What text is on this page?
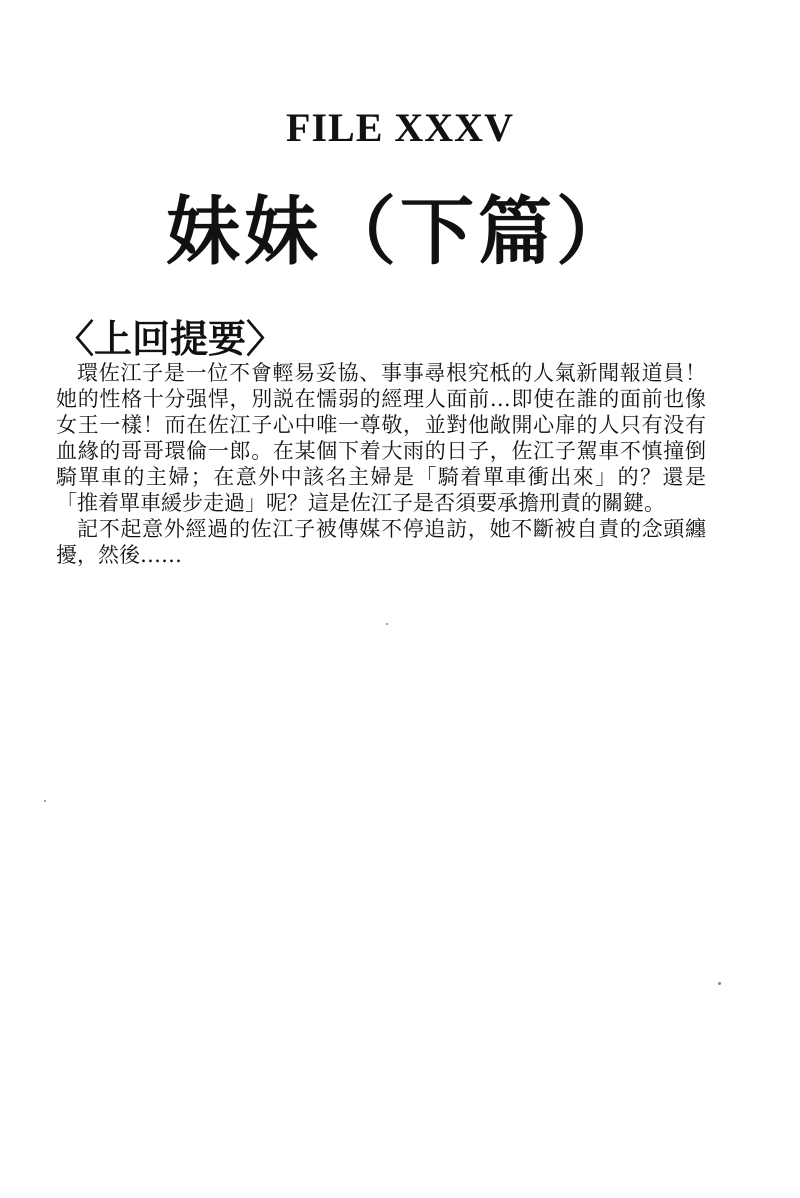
FILE XXXV
妹妹（下篇）
〈上回提要〉

環佐江子是一位不會輕易妥協、事事尋根究柢的人氣新聞報道員！她的性格十分强悍，別説在懦弱的經理人面前…即使在誰的面前也像女王一樣！而在佐江子心中唯一尊敬，並對他敞開心扉的人只有没有血緣的哥哥環倫一郎。在某個下着大雨的日子，佐江子駕車不慎撞倒騎單車的主婦；在意外中該名主婦是「騎着單車衝出來」的？還是「推着單車緩步走過」呢？這是佐江子是否須要承擔刑責的關鍵。

記不起意外經過的佐江子被傳媒不停追訪，她不斷被自責的念頭纏擾，然後……
